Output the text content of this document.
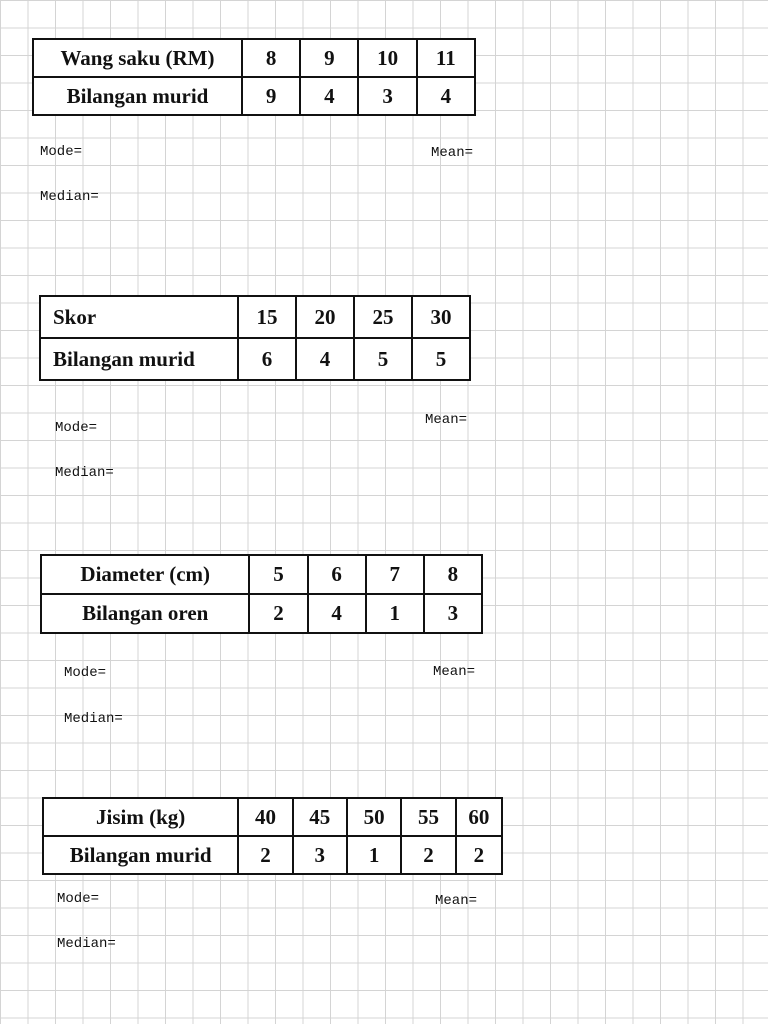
Wang saku (RM)	8	9	10	11
Bilangan murid	9	4	3	4
Mode=	Mean=
Median=
Skor	15	20	25	30
Bilangan murid	6	4	5	5
Mode=	Mean=
Median=
Diameter (cm)	5	6	7	8
Bilangan oren	2	4	1	3
Mode=	Mean=
Median=
Jisim (kg)	40	45	50	55	60
Bilangan murid	2	3	1	2	2
Mode=	Mean=
Median=
